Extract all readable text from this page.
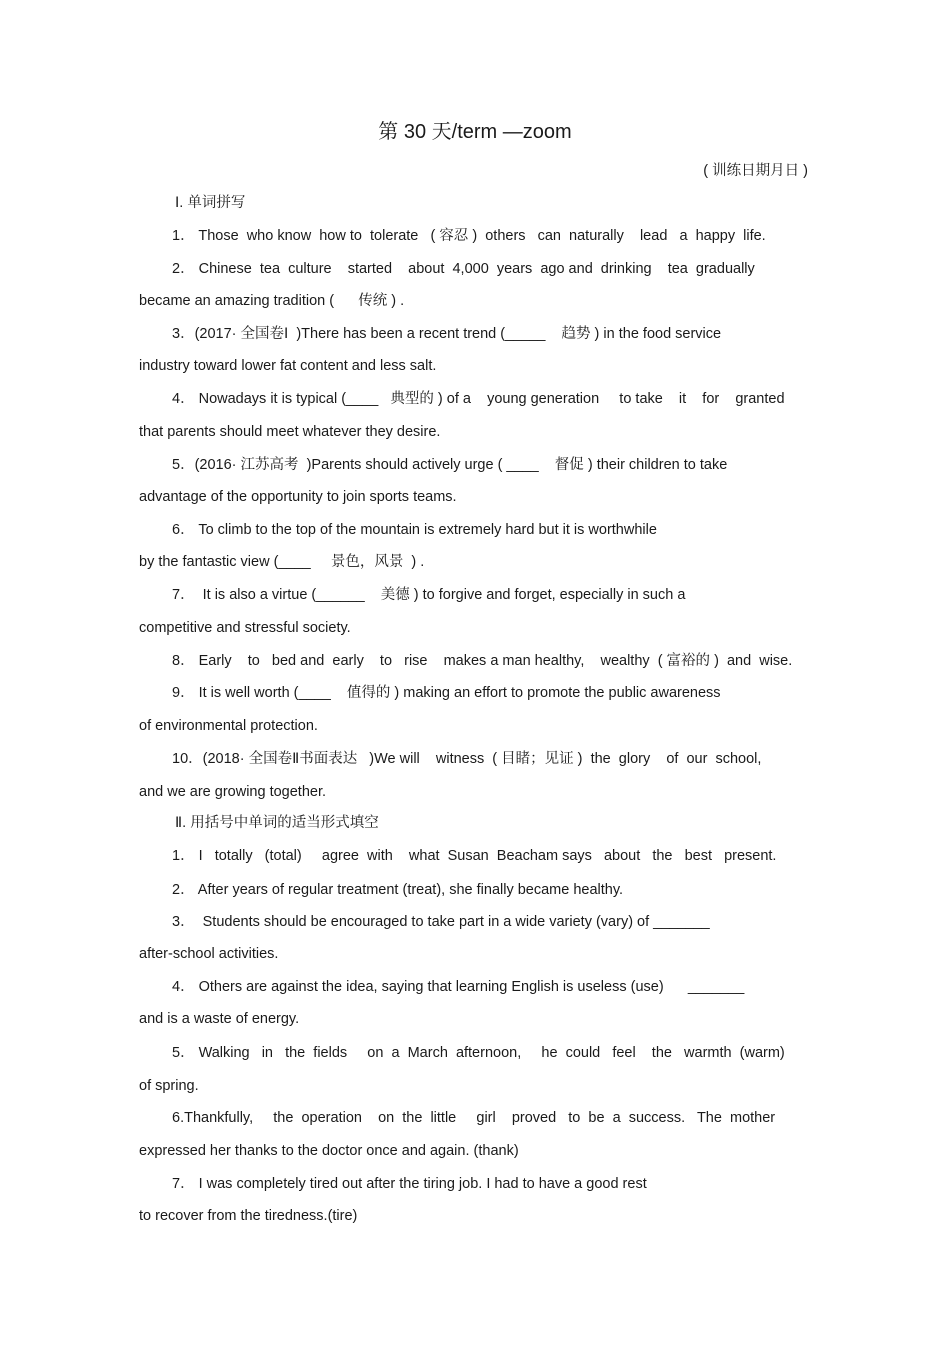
第 30 天/term —zoom
( 训练日期月日 )
Ⅰ. 单词拼写
1． Those  who know  how to  tolerate   ( 容忍 )  others   can  naturally    lead   a  happy  life.
2． Chinese  tea  culture    started    about  4,000  years  ago and  drinking    tea  gradually
became an amazing tradition (      传统 ) .
3．(2017· 全国卷Ⅰ  )There has been a recent trend (_____    趋势 ) in the food service
industry toward lower fat content and less salt.
4． Nowadays it is typical (____   典型的 ) of a    young generation     to take    it    for    granted
that parents should meet whatever they desire.
5．(2016· 江苏高考  )Parents should actively urge ( ____    督促 ) their children to take
advantage of the opportunity to join sports teams.
6． To climb to the top of the mountain is extremely hard but it is worthwhile
by the fantastic view (____     景色，风景  ) .
7．  It is also a virtue (______    美德 ) to forgive and forget, especially in such a
competitive and stressful society.
8． Early    to   bed and  early    to   rise    makes a man healthy,    wealthy  ( 富裕的 )  and  wise.
9． It is well worth (____    值得的 ) making an effort to promote the public awareness
of environmental protection.
10．(2018· 全国卷Ⅱ书面表达   )We will    witness  ( 目睹；见证 )  the  glory    of  our  school,
and we are growing together.
Ⅱ. 用括号中单词的适当形式填空
1． I   totally   (total)     agree  with    what  Susan  Beacham says   about   the   best   present.
2． After years of regular treatment (treat), she finally became healthy.
3．  Students should be encouraged to take part in a wide variety (vary) of _______
after-school activities.
4． Others are against the idea, saying that learning English is useless (use)      _______
and is a waste of energy.
5． Walking   in   the  fields     on  a  March  afternoon,     he  could   feel    the   warmth  (warm)
of spring.
6.Thankfully,     the  operation    on  the  little     girl    proved   to  be  a  success.   The  mother
expressed her thanks to the doctor once and again. (thank)
7． I was completely tired out after the tiring job. I had to have a good rest
to recover from the tiredness.(tire)
